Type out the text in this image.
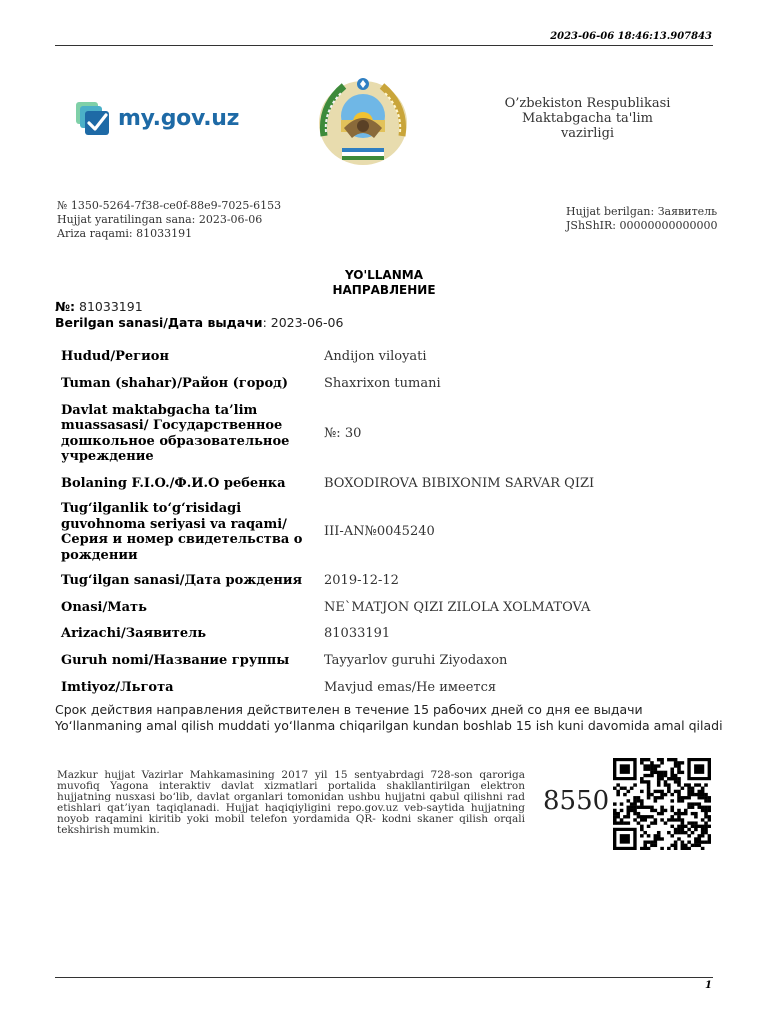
2023-06-06 18:46:13.907843
my.gov.uz
O’zbekiston Respublikasi
Maktabgacha ta'lim
vazirligi
№ 1350-5264-7f38-ce0f-88e9-7025-6153
Hujjat yaratilingan sana: 2023-06-06
Ariza raqami: 81033191
Hujjat berilgan: Заявитель
JShShIR: 00000000000000
YO'LLANMA
НАПРАВЛЕНИЕ
№: 81033191
Berilgan sanasi/Дата выдачи: 2023-06-06
Hudud/Регион	Andijon viloyati
Tuman (shahar)/Район (город)	Shaxrixon tumani
Davlat maktabgacha ta’lim muassasasi/ Государственное дошкольное образовательное учреждение	№: 30
Bolaning F.I.O./Ф.И.О ребенка	BOXODIROVA BIBIXONIM SARVAR QIZI
Tug‘ilganlik to‘g‘risidagi guvohnoma seriyasi va raqami/ Серия и номер свидетельства о рождении	III-AN№0045240
Tug‘ilgan sanasi/Дата рождения	2019-12-12
Onasi/Мать	NE`MATJON QIZI ZILOLA XOLMATOVA
Arizachi/Заявитель	81033191
Guruh nomi/Название группы	Tayyarlov guruhi Ziyodaxon
Imtiyoz/Льгота	Mavjud emas/Не имеется
Срок действия направления действителен в течение 15 рабочих дней со дня ее выдачи
Yo‘llanmaning amal qilish muddati yo‘llanma chiqarilgan kundan boshlab 15 ish kuni davomida amal qiladi
Mazkur hujjat Vazirlar Mahkamasining 2017 yil 15 sentyabrdagi 728-son qaroriga muvofiq Yagona interaktiv davlat xizmatlari portalida shakllantirilgan elektron hujjatning nusxasi bo‘lib, davlat organlari tomonidan ushbu hujjatni qabul qilishni rad etishlari qat’iyan taqiqlanadi. Hujjat haqiqiyligini repo.gov.uz veb-saytida hujjatning noyob raqamini kiritib yoki mobil telefon yordamida QR- kodni skaner qilish orqali tekshirish mumkin.
8550
1
